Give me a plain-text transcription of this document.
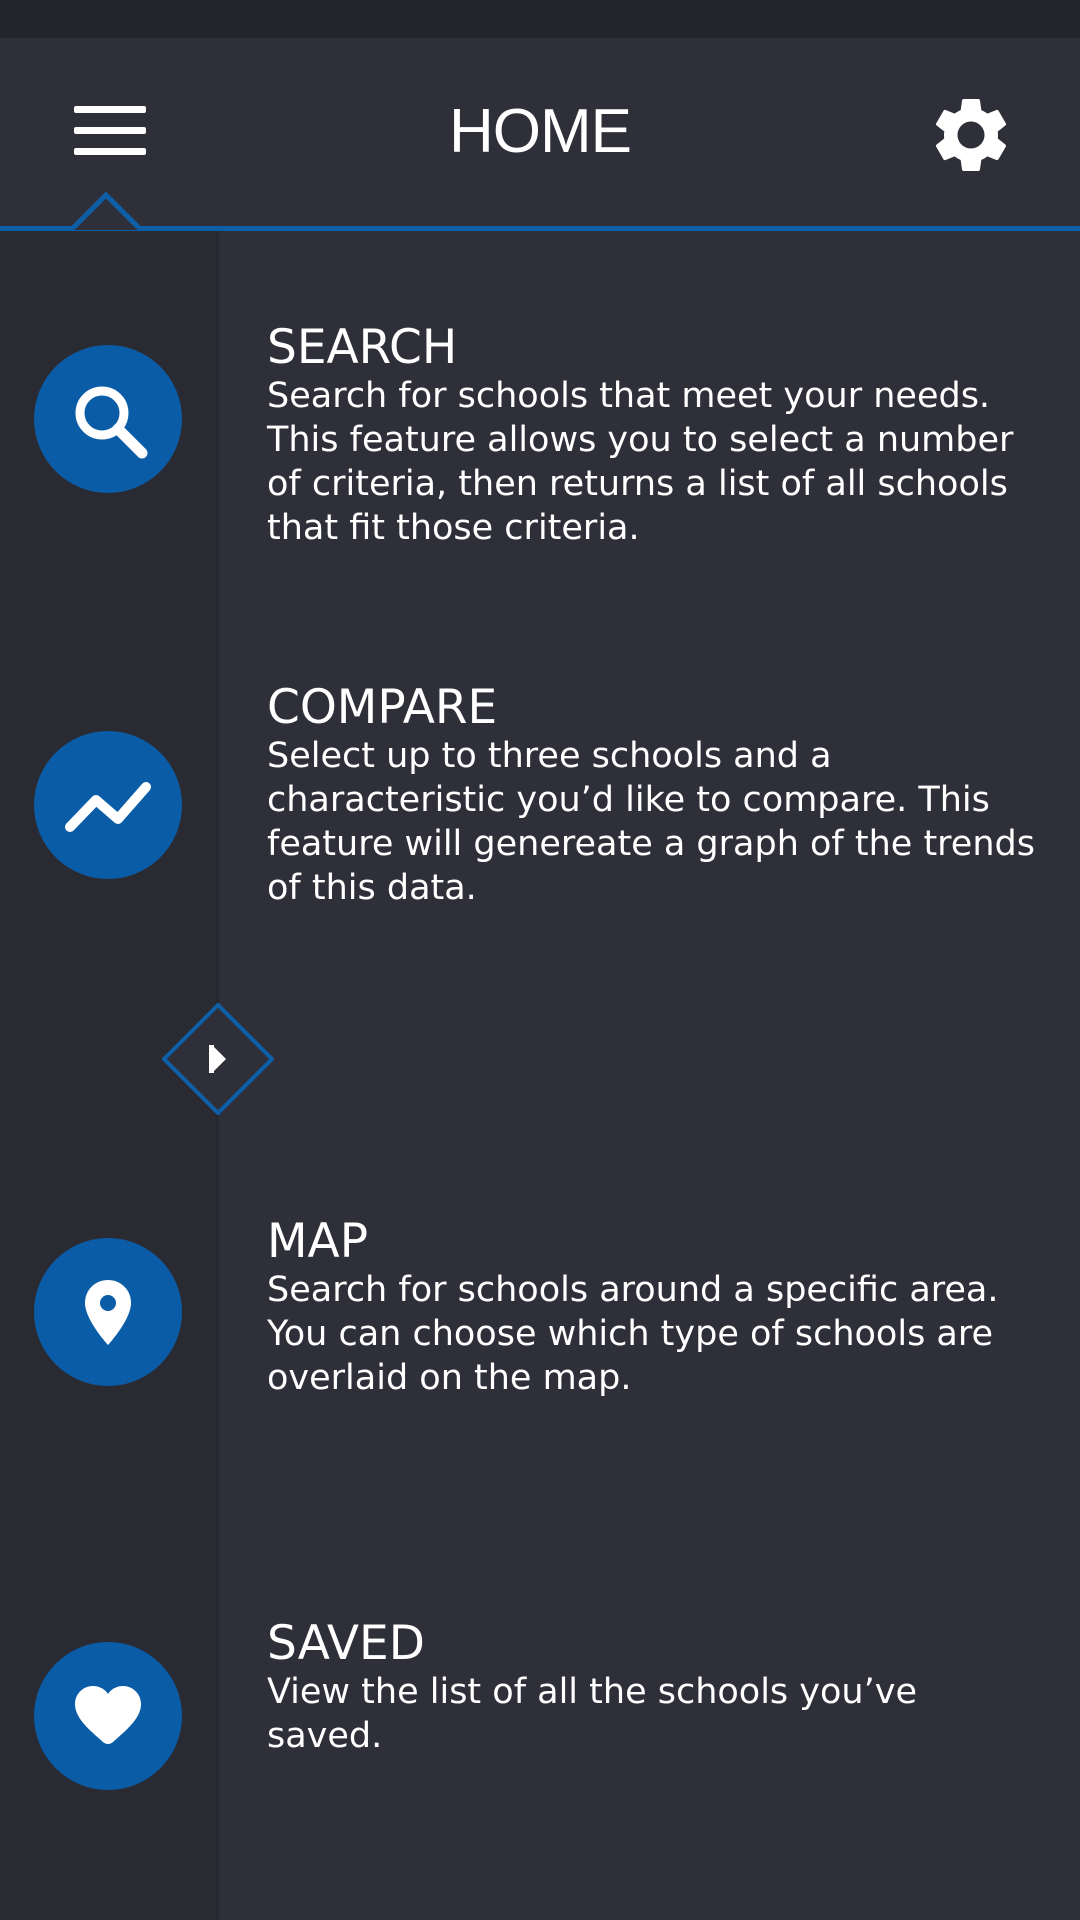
HOME
SEARCH

Search for schools that meet your needs. This feature allows you to select a number of criteria, then returns a list of all schools that fit those criteria.

COMPARE

Select up to three schools and a characteristic you’d like to compare. This feature will genereate a graph of the trends of this data.

MAP

Search for schools around a specific area. You can choose which type of schools are overlaid on the map.

SAVED

View the list of all the schools you’ve saved.
